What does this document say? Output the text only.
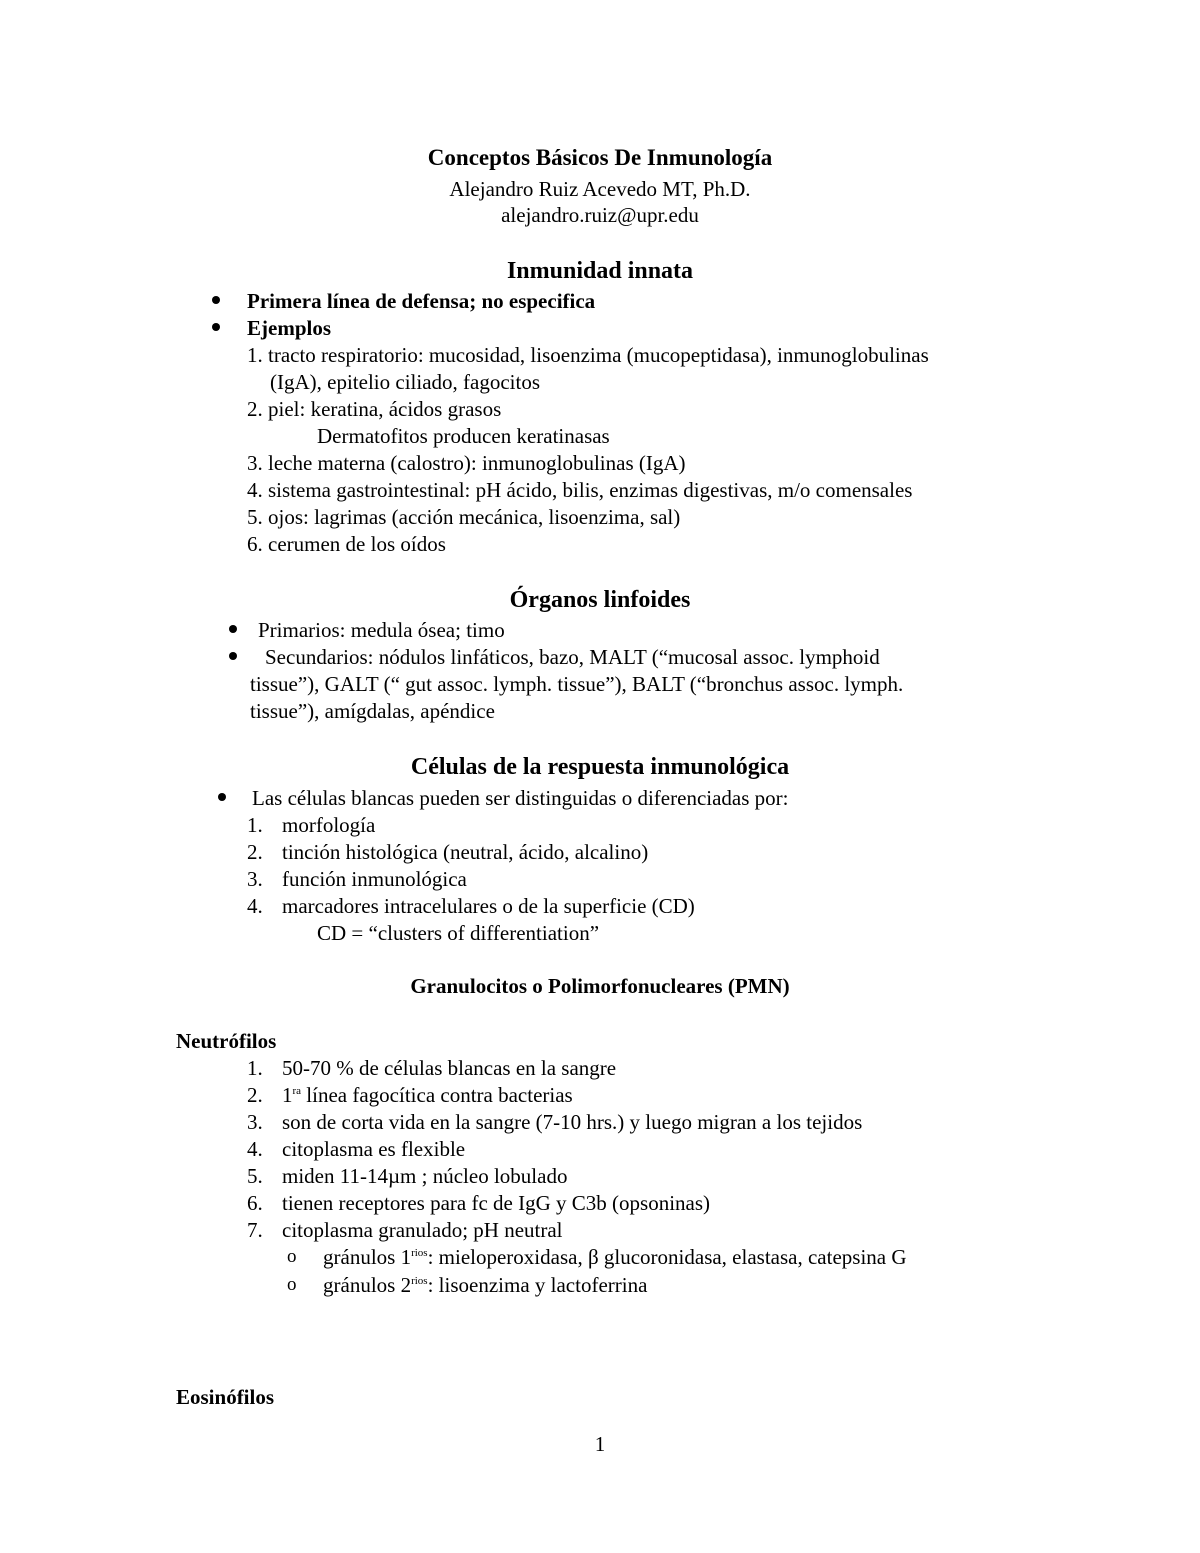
Conceptos Básicos De Inmunología
Alejandro Ruiz Acevedo MT, Ph.D.
alejandro.ruiz@upr.edu
Inmunidad innata
Primera línea de defensa; no especifica
Ejemplos
1. tracto respiratorio: mucosidad, lisoenzima (mucopeptidasa), inmunoglobulinas
(IgA), epitelio ciliado, fagocitos
2. piel: keratina, ácidos grasos
Dermatofitos producen keratinasas
3. leche materna (calostro): inmunoglobulinas (IgA)
4. sistema gastrointestinal: pH ácido, bilis, enzimas digestivas, m/o comensales
5. ojos: lagrimas (acción mecánica, lisoenzima, sal)
6. cerumen de los oídos
Órganos linfoides
Primarios: medula ósea; timo
Secundarios: nódulos linfáticos, bazo, MALT (“mucosal assoc. lymphoid
tissue”), GALT (“ gut assoc. lymph. tissue”), BALT (“bronchus assoc. lymph.
tissue”), amígdalas, apéndice
Células de la respuesta inmunológica
Las células blancas pueden ser distinguidas o diferenciadas por:
1. morfología
2. tinción histológica (neutral, ácido, alcalino)
3. función inmunológica
4. marcadores intracelulares o de la superficie (CD)
CD = “clusters of differentiation”
Granulocitos o Polimorfonucleares (PMN)
Neutrófilos
1. 50-70 % de células blancas en la sangre
2. $1^{ra}$ línea fagocítica contra bacterias
3. son de corta vida en la sangre (7-10 hrs.) y luego migran a los tejidos
4. citoplasma es flexible
5. miden 11-14µm ; núcleo lobulado
6. tienen receptores para fc de IgG y C3b (opsoninas)
7. citoplasma granulado; pH neutral
o gránulos $1^{rios}$: mieloperoxidasa, β glucoronidasa, elastasa, catepsina G
o gránulos $2^{rios}$: lisoenzima y lactoferrina
Eosinófilos
1
